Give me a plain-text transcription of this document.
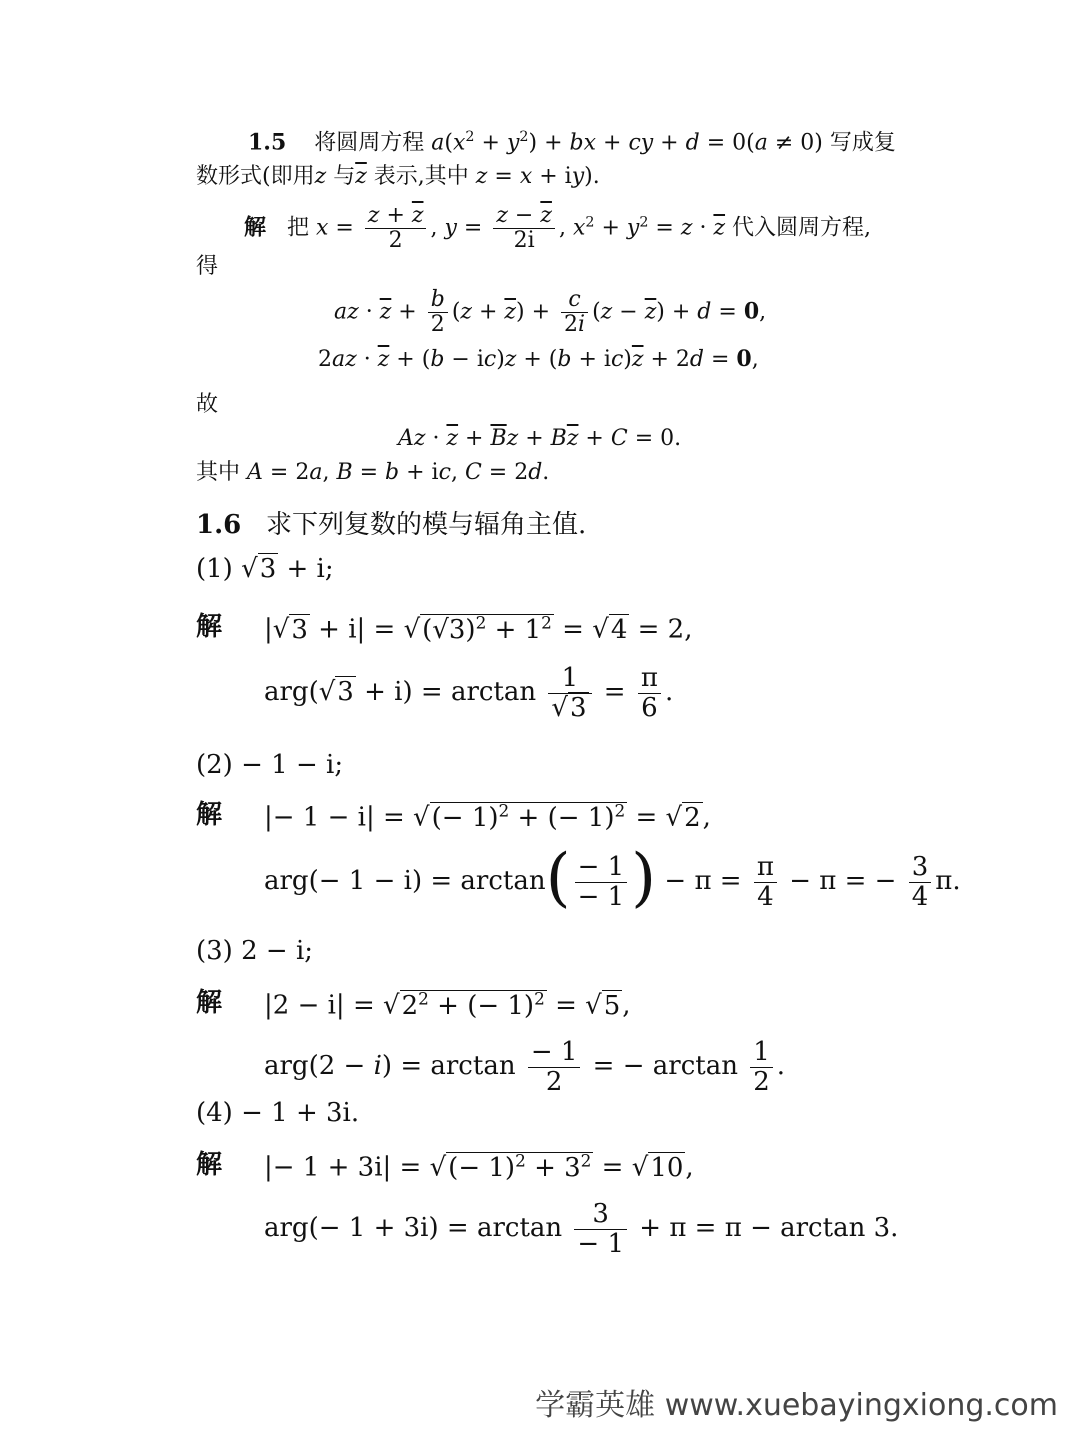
1.5 将圆周方程 $a(x^2 + y^2)$ + bx + cy + d = 0(a ≠ 0) 写成复
数形式(即用z 与$\overline{z}$ 表示,其中 z = x + iy).
解 把 $x = \frac{z + \overline{z}}{2}$ , $y = \frac{z - \overline{z}}{2i}$ , $x^2 + y^2 = z \cdot \overline{z}$ 代入圆周方程,
得
az · $\overline{z} + \frac{b}{2} (z + \overline{z}) + \frac{c}{2i} (z - \overline{z}) + d = 0$,
$2az \cdot \overline{z} + (b - ic)z + (b + ic)\overline{z} + 2d = 0$,
故
$Az \cdot \overline{z} + \overline{B}z + B\overline{z} + C = 0$.
其中 A = 2a, B = b + ic, C = 2d.
1.6 求下列复数的模与辐角主值.
(1) √3 + i;
解 $|√3 + i| = √(√3)^2 + 1^2 = √4 = 2$,
$arg(√3 + i) = \arctan \frac{1}{√3} = \frac{\pi}{6}$ .
(2) − 1 − i;
解 |− 1 − i| = √(− 1)$^2$ + (− 1)$^2$ = √2,
$arg(- 1 - i) = \arctan( \frac{- 1}{- 1}$ ) − $\pi = \frac{\pi}{4} - \pi$ = − $\frac{3}{4} \pi$.
(3) 2 − i;
解 $|2 - i| = √2^2$ + (− 1)$^2$ = √5,
$arg(2 - i) = \arctan \frac{- 1}{2}$ = − $\arctan \frac{1}{2}$ .
(4) − 1 + 3i.
解 |− 1 + 3i| = √(− $1)^2 + 3^2 = √10$,
$arg(- 1 + 3i) = \arctan \frac{3}{- 1} + \pi = \pi - \arctan 3$.
学霸英雄 www.xuebayingxiong.com
